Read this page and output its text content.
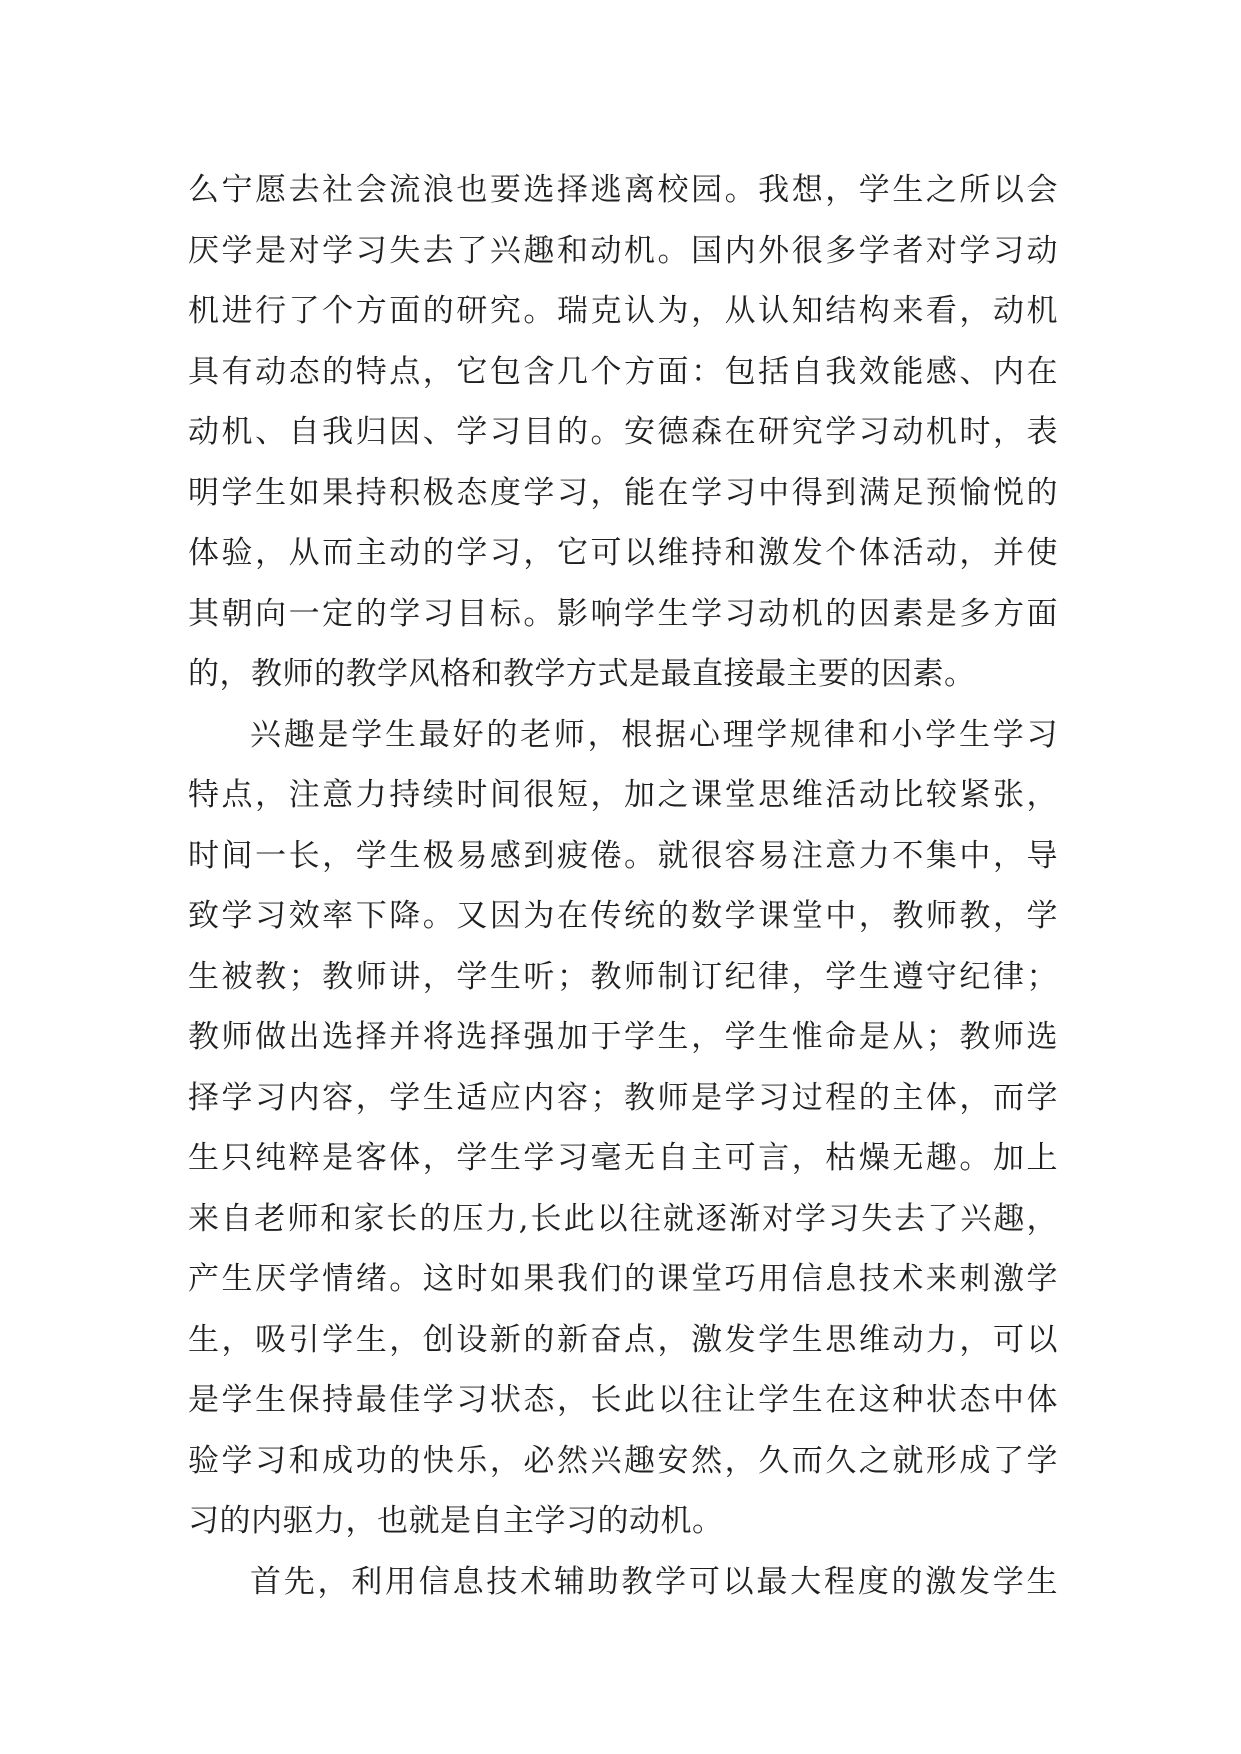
么宁愿去社会流浪也要选择逃离校园。我想，学生之所以会
厌学是对学习失去了兴趣和动机。国内外很多学者对学习动
机进行了个方面的研究。瑞克认为，从认知结构来看，动机
具有动态的特点，它包含几个方面：包括自我效能感、内在
动机、自我归因、学习目的。安德森在研究学习动机时，表
明学生如果持积极态度学习，能在学习中得到满足预愉悦的
体验，从而主动的学习，它可以维持和激发个体活动，并使
其朝向一定的学习目标。影响学生学习动机的因素是多方面
的，教师的教学风格和教学方式是最直接最主要的因素。
兴趣是学生最好的老师，根据心理学规律和小学生学习
特点，注意力持续时间很短，加之课堂思维活动比较紧张，
时间一长，学生极易感到疲倦。就很容易注意力不集中，导
致学习效率下降。又因为在传统的数学课堂中，教师教，学
生被教；教师讲，学生听；教师制订纪律，学生遵守纪律；
教师做出选择并将选择强加于学生，学生惟命是从；教师选
择学习内容，学生适应内容；教师是学习过程的主体，而学
生只纯粹是客体，学生学习毫无自主可言，枯燥无趣。加上
来自老师和家长的压力,长此以往就逐渐对学习失去了兴趣，
产生厌学情绪。这时如果我们的课堂巧用信息技术来刺激学
生，吸引学生，创设新的新奋点，激发学生思维动力，可以
是学生保持最佳学习状态，长此以往让学生在这种状态中体
验学习和成功的快乐，必然兴趣安然，久而久之就形成了学
习的内驱力，也就是自主学习的动机。
首先，利用信息技术辅助教学可以最大程度的激发学生
